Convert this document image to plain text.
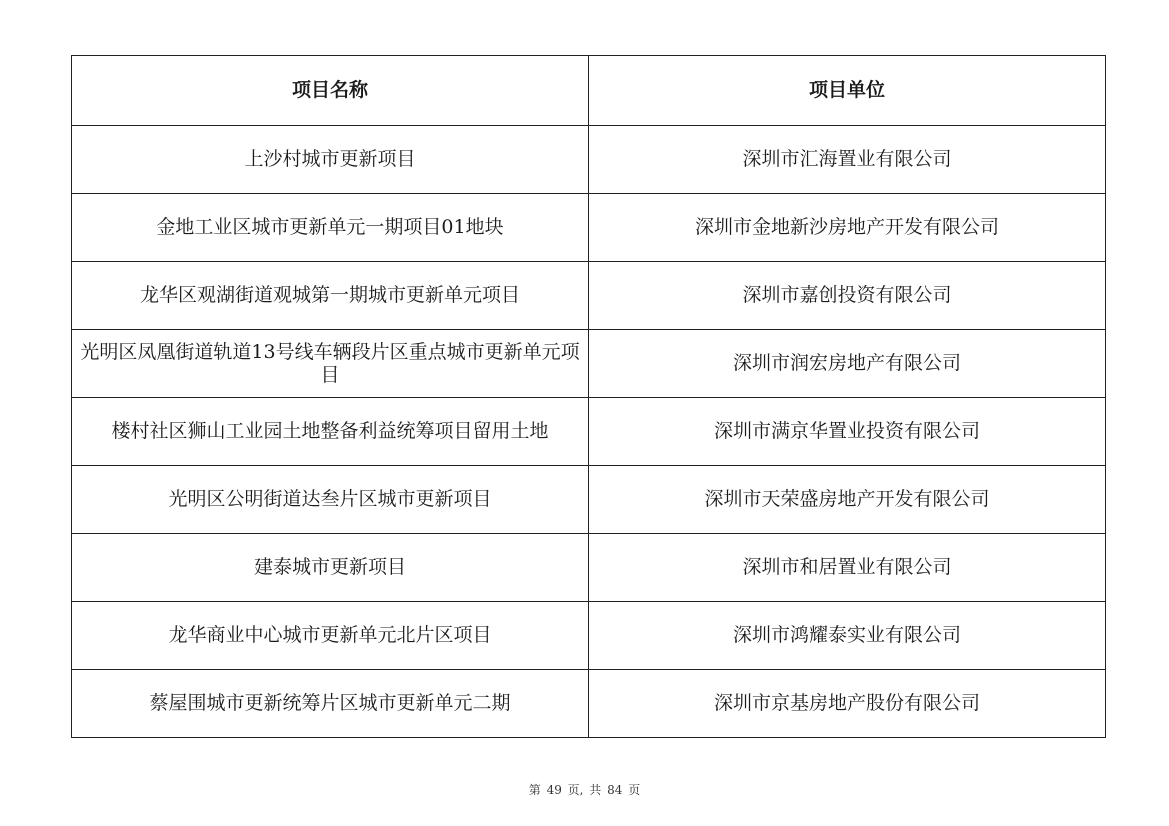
项目名称	项目单位
上沙村城市更新项目	深圳市汇海置业有限公司
金地工业区城市更新单元一期项目01地块	深圳市金地新沙房地产开发有限公司
龙华区观湖街道观城第一期城市更新单元项目	深圳市嘉创投资有限公司
光明区凤凰街道轨道13号线车辆段片区重点城市更新单元项目	深圳市润宏房地产有限公司
楼村社区狮山工业园土地整备利益统筹项目留用土地	深圳市满京华置业投资有限公司
光明区公明街道达叁片区城市更新项目	深圳市天荣盛房地产开发有限公司
建泰城市更新项目	深圳市和居置业有限公司
龙华商业中心城市更新单元北片区项目	深圳市鸿耀泰实业有限公司
蔡屋围城市更新统筹片区城市更新单元二期	深圳市京基房地产股份有限公司
第 49 页, 共 84 页
